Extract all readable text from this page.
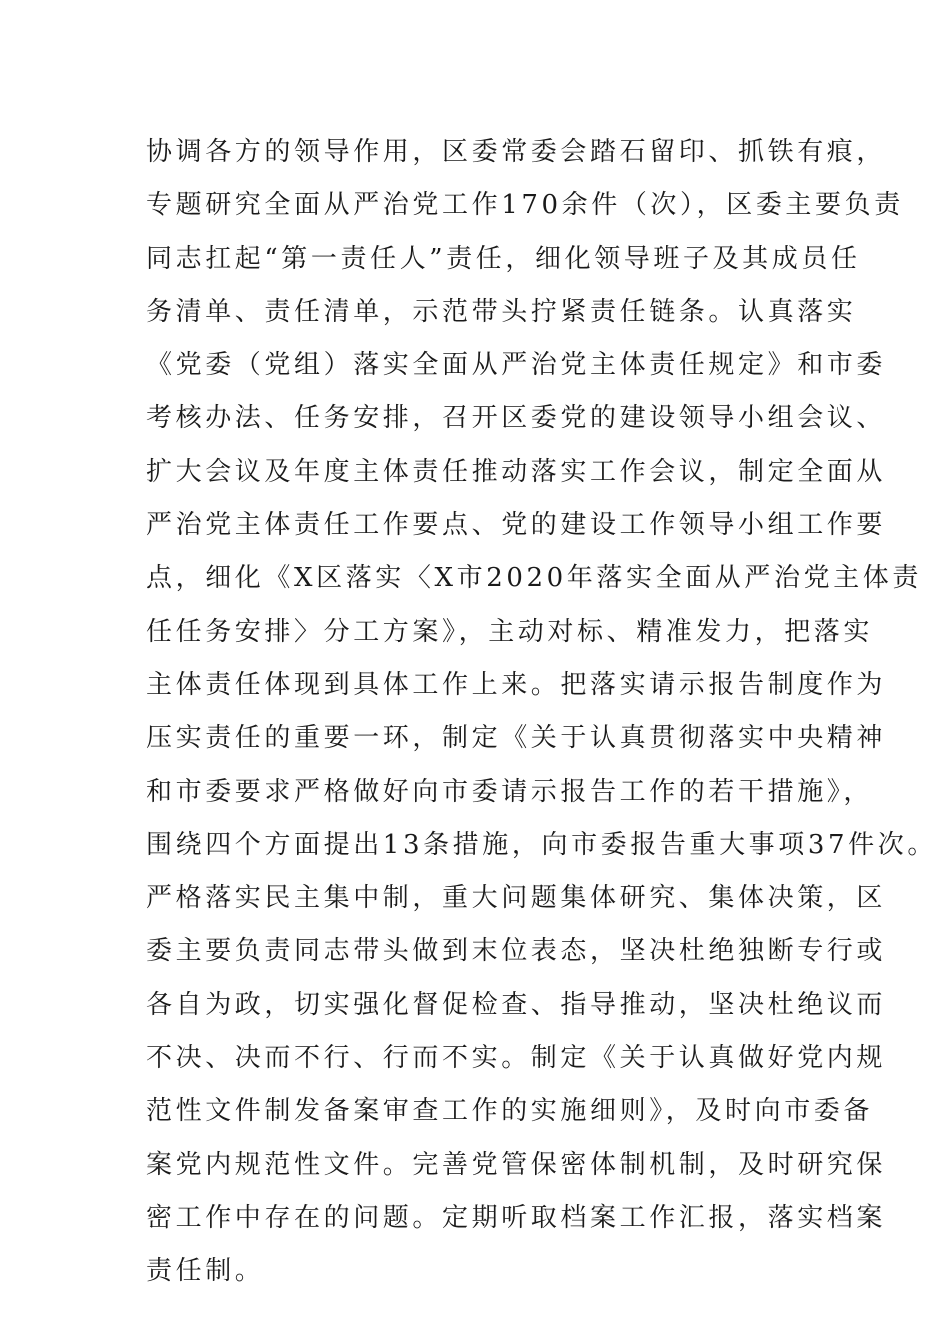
协调各方的领导作用，区委常委会踏石留印、抓铁有痕，
专题研究全面从严治党工作170余件（次），区委主要负责
同志扛起“第一责任人”责任，细化领导班子及其成员任
务清单、责任清单，示范带头拧紧责任链条。认真落实
《党委（党组）落实全面从严治党主体责任规定》和市委
考核办法、任务安排，召开区委党的建设领导小组会议、
扩大会议及年度主体责任推动落实工作会议，制定全面从
严治党主体责任工作要点、党的建设工作领导小组工作要
点，细化《X区落实〈X市2020年落实全面从严治党主体责
任任务安排〉分工方案》，主动对标、精准发力，把落实
主体责任体现到具体工作上来。把落实请示报告制度作为
压实责任的重要一环，制定《关于认真贯彻落实中央精神
和市委要求严格做好向市委请示报告工作的若干措施》，
围绕四个方面提出13条措施，向市委报告重大事项37件次。
严格落实民主集中制，重大问题集体研究、集体决策，区
委主要负责同志带头做到末位表态，坚决杜绝独断专行或
各自为政，切实强化督促检查、指导推动，坚决杜绝议而
不决、决而不行、行而不实。制定《关于认真做好党内规
范性文件制发备案审查工作的实施细则》，及时向市委备
案党内规范性文件。完善党管保密体制机制，及时研究保
密工作中存在的问题。定期听取档案工作汇报，落实档案
责任制。
